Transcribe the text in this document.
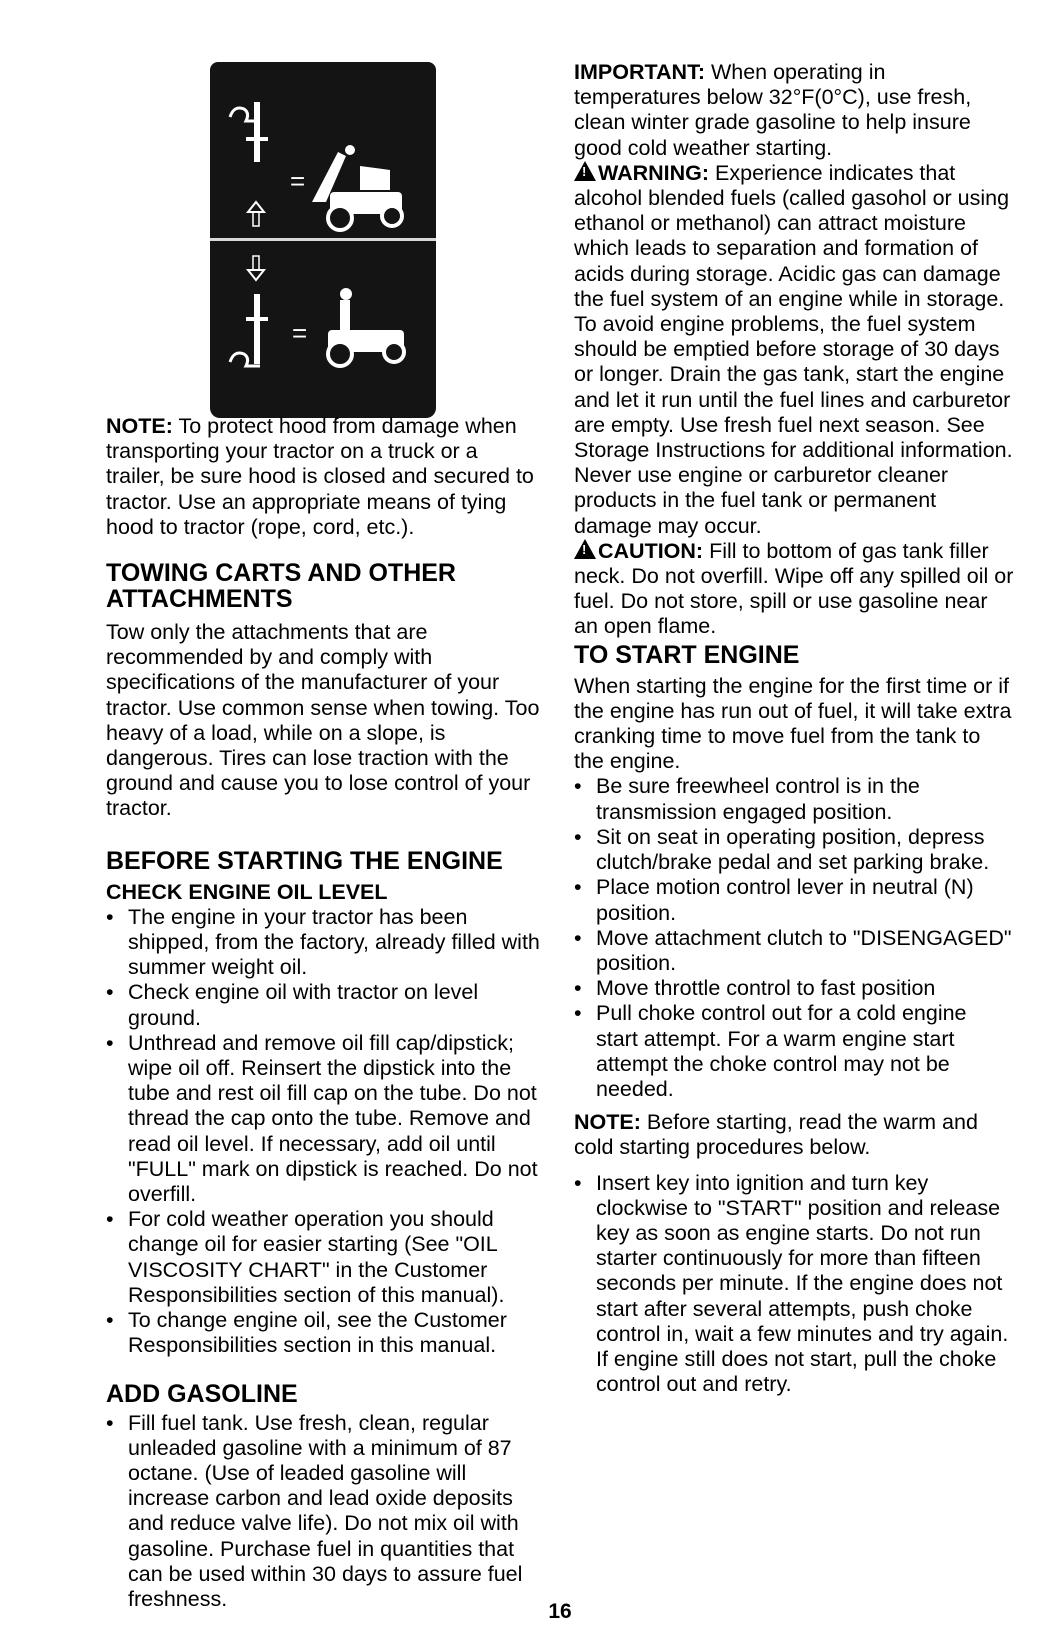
=
=

NOTE: To protect hood from damage when transporting your tractor on a truck or a trailer, be sure hood is closed and secured to tractor. Use an appropriate means of tying hood to tractor (rope, cord, etc.).

TOWING CARTS AND OTHER ATTACHMENTS

Tow only the attachments that are recommended by and comply with specifications of the manufacturer of your tractor. Use common sense when towing. Too heavy of a load, while on a slope, is dangerous. Tires can lose traction with the ground and cause you to lose control of your tractor.

BEFORE STARTING THE ENGINE
CHECK ENGINE OIL LEVEL
• The engine in your tractor has been shipped, from the factory, already filled with summer weight oil.
• Check engine oil with tractor on level ground.
• Unthread and remove oil fill cap/dipstick; wipe oil off. Reinsert the dipstick into the tube and rest oil fill cap on the tube. Do not thread the cap onto the tube. Remove and read oil level. If necessary, add oil until "FULL" mark on dipstick is reached. Do not overfill.
• For cold weather operation you should change oil for easier starting (See "OIL VISCOSITY CHART" in the Customer Responsibilities section of this manual).
• To change engine oil, see the Customer Responsibilities section in this manual.
ADD GASOLINE
• Fill fuel tank. Use fresh, clean, regular unleaded gasoline with a minimum of 87 octane. (Use of leaded gasoline will increase carbon and lead oxide deposits and reduce valve life). Do not mix oil with gasoline. Purchase fuel in quantities that can be used within 30 days to assure fuel freshness.

IMPORTANT: When operating in temperatures below 32°F(0°C), use fresh, clean winter grade gasoline to help insure good cold weather starting.

!WARNING: Experience indicates that alcohol blended fuels (called gasohol or using ethanol or methanol) can attract moisture which leads to separation and formation of acids during storage. Acidic gas can damage the fuel system of an engine while in storage. To avoid engine problems, the fuel system should be emptied before storage of 30 days or longer. Drain the gas tank, start the engine and let it run until the fuel lines and carburetor are empty. Use fresh fuel next season. See Storage Instructions for additional information. Never use engine or carburetor cleaner products in the fuel tank or permanent damage may occur.

!CAUTION: Fill to bottom of gas tank filler neck. Do not overfill. Wipe off any spilled oil or fuel. Do not store, spill or use gasoline near an open flame.

TO START ENGINE

When starting the engine for the first time or if the engine has run out of fuel, it will take extra cranking time to move fuel from the tank to the engine.

• Be sure freewheel control is in the transmission engaged position.
• Sit on seat in operating position, depress clutch/brake pedal and set parking brake.
• Place motion control lever in neutral (N) position.
• Move attachment clutch to "DISENGAGED" position.
• Move throttle control to fast position
• Pull choke control out for a cold engine start attempt. For a warm engine start attempt the choke control may not be needed.

NOTE: Before starting, read the warm and cold starting procedures below.

• Insert key into ignition and turn key clockwise to "START" position and release key as soon as engine starts. Do not run starter continuously for more than fifteen seconds per minute. If the engine does not start after several attempts, push choke control in, wait a few minutes and try again. If engine still does not start, pull the choke control out and retry.
16
